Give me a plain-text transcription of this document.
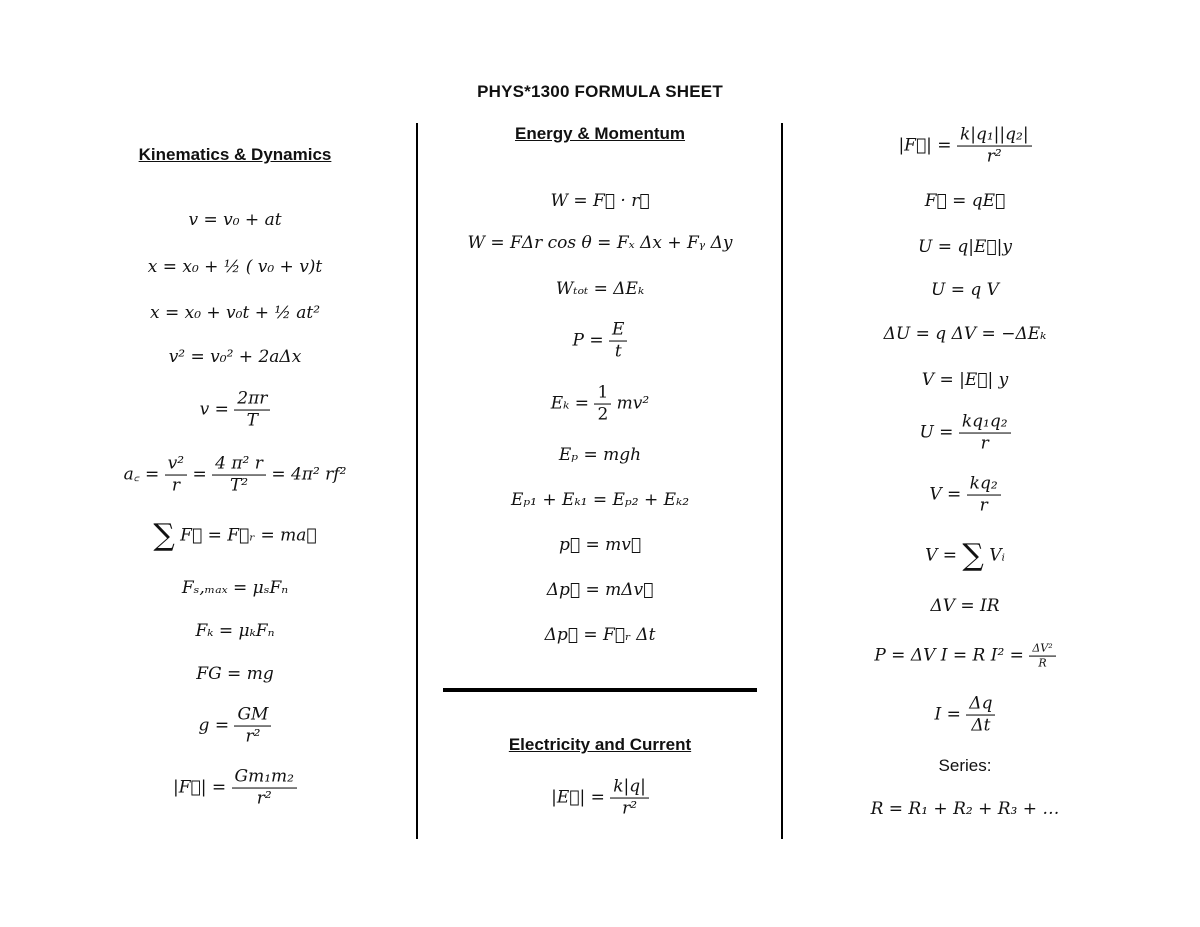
PHYS*1300 FORMULA SHEET
Kinematics & Dynamics
v = v₀ + at
x = x₀ + ½ ( v₀ + v)t
x = x₀ + v₀t + ½ at²
v² = v₀² + 2aΔx
$v = \frac{2\pi r}{T}$
a꜀ = $\frac{\text{v²}}{r} = \frac{\text{4 π² r}}{\text{T²}} = 4\pi^2$ rf²
∑ F⃗ = F⃗ᵣ = ma⃗
Fₛ,ₘₐₓ = μₛFₙ
Fₖ = μₖFₙ
F𝐺 = mg
$g = \frac{GM}{\text{r²}}$
|F⃗| = $\frac{\text{Gm₁m₂}}{\text{r²}}$
Energy & Momentum
W = F⃗ · r⃗
W = FΔr cos θ = Fₓ Δx + Fᵧ Δy
Wₜₒₜ = ΔEₖ
$P = \frac{E}{t}$
$E_k = \frac{1}{2} mv^2$
Eₚ = mgh
Eₚ₁ + Eₖ₁ = Eₚ₂ + Eₖ₂
p⃗ = mv⃗
Δp⃗ = mΔv⃗
Δp⃗ = F⃗ᵣ Δt
Electricity and Current
|E⃗| = $\frac{k|q|}{\text{r²}}$
|F⃗| = $\frac{\text{k|q₁||q₂|}}{\text{r²}}$
F⃗ = qE⃗
U = q|E⃗|y
U = q V
ΔU = q ΔV = −ΔEₖ
V = |E⃗| y
$U = \frac{\text{kq₁q₂}}{r}$
$V = \frac{\text{kq₂}}{r}$
V = ∑ Vᵢ
ΔV = IR
P = ΔV I = R $I^2 = \frac{\text{ΔV²}}{R}$
$I = \frac{\Delta q}{\Delta t}$
Series:
R = R₁ + R₂ + R₃ + …
